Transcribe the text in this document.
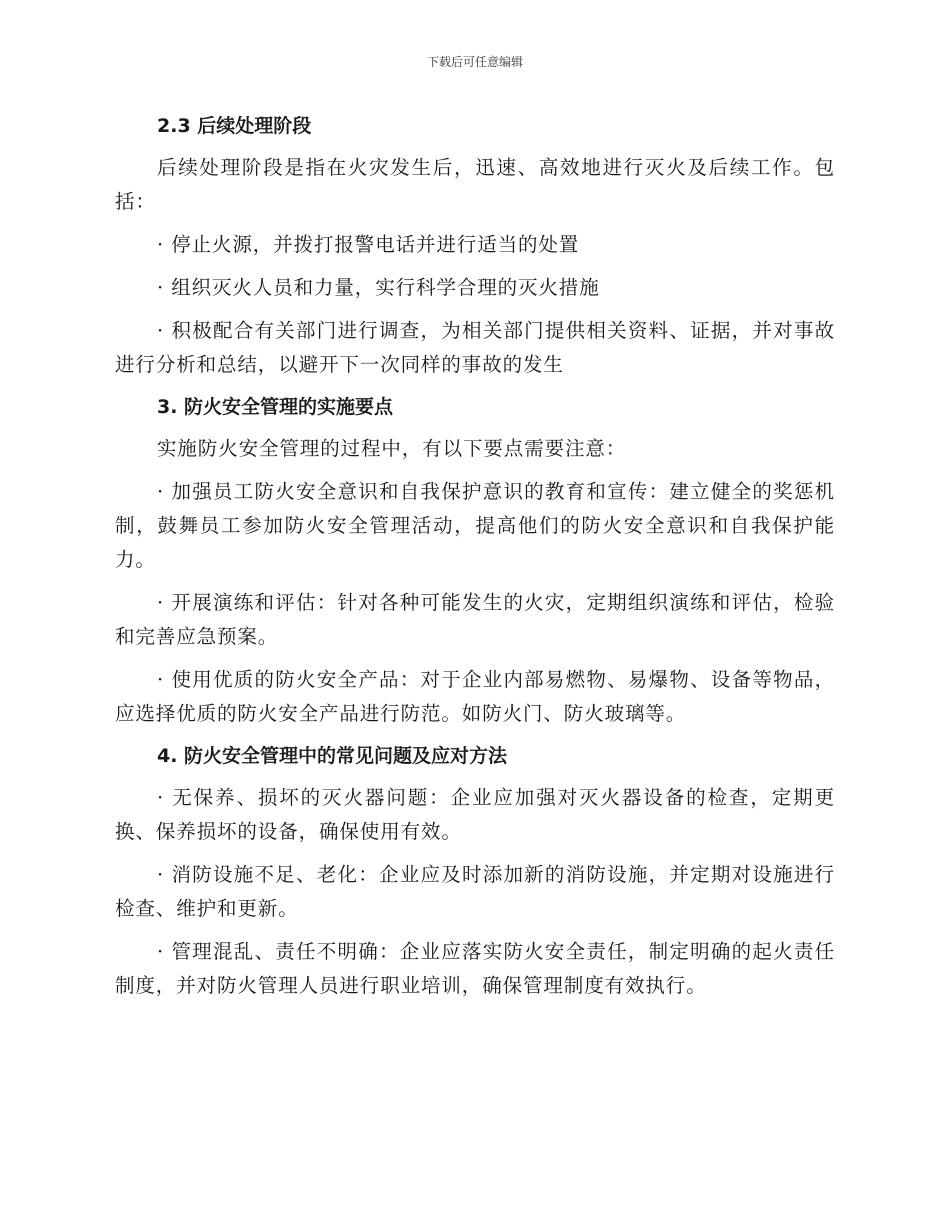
下载后可任意编辑
2.3 后续处理阶段
后续处理阶段是指在火灾发生后，迅速、高效地进行灭火及后续工作。包括：
· 停止火源，并拨打报警电话并进行适当的处置
· 组织灭火人员和力量，实行科学合理的灭火措施
· 积极配合有关部门进行调查，为相关部门提供相关资料、证据，并对事故进行分析和总结，以避开下一次同样的事故的发生
3. 防火安全管理的实施要点
实施防火安全管理的过程中，有以下要点需要注意：
· 加强员工防火安全意识和自我保护意识的教育和宣传：建立健全的奖惩机制，鼓舞员工参加防火安全管理活动，提高他们的防火安全意识和自我保护能力。
· 开展演练和评估：针对各种可能发生的火灾，定期组织演练和评估，检验和完善应急预案。
· 使用优质的防火安全产品：对于企业内部易燃物、易爆物、设备等物品，应选择优质的防火安全产品进行防范。如防火门、防火玻璃等。
4. 防火安全管理中的常见问题及应对方法
· 无保养、损坏的灭火器问题：企业应加强对灭火器设备的检查，定期更换、保养损坏的设备，确保使用有效。
· 消防设施不足、老化：企业应及时添加新的消防设施，并定期对设施进行检查、维护和更新。
· 管理混乱、责任不明确：企业应落实防火安全责任，制定明确的起火责任制度，并对防火管理人员进行职业培训，确保管理制度有效执行。
